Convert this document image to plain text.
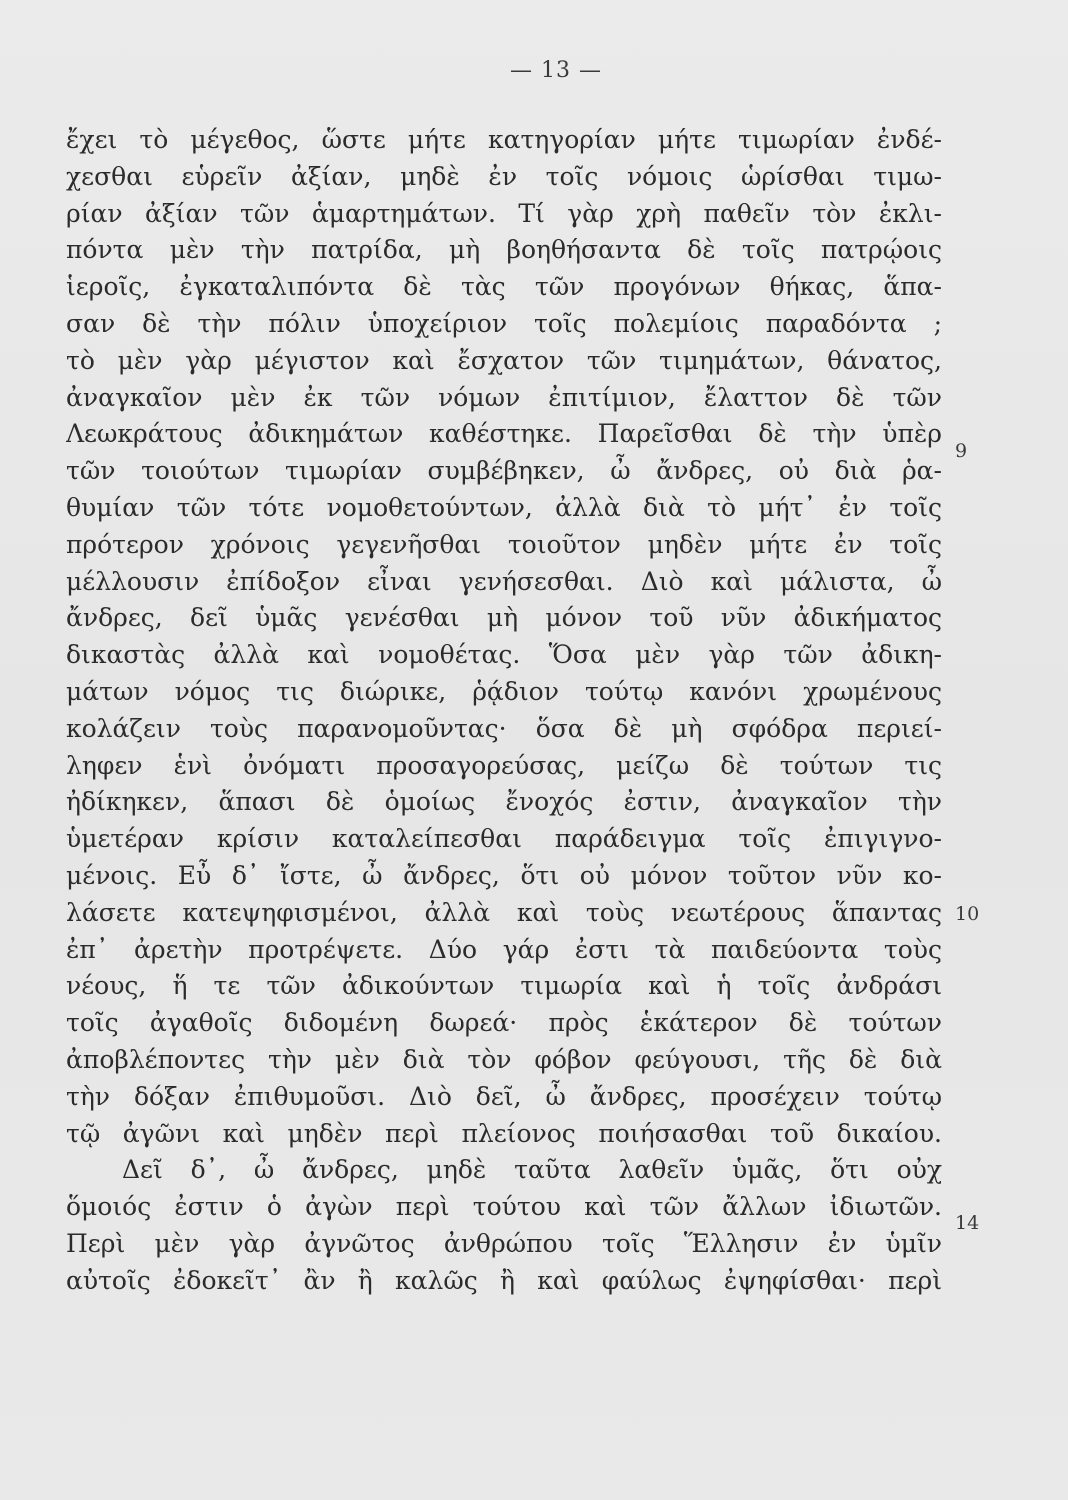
— 13 —
ἔχει τὸ μέγεθος, ὥστε μήτε κατηγορίαν μήτε τιμωρίαν ἐνδέ-
χεσθαι εὑρεῖν ἀξίαν, μηδὲ ἐν τοῖς νόμοις ὡρίσθαι τιμω-
ρίαν ἀξίαν τῶν ἁμαρτημάτων. Τί γὰρ χρὴ παθεῖν τὸν ἐκλι-
πόντα μὲν τὴν πατρίδα, μὴ βοηθήσαντα δὲ τοῖς πατρῴοις
ἱεροῖς, ἐγκαταλιπόντα δὲ τὰς τῶν προγόνων θήκας, ἅπα-
σαν δὲ τὴν πόλιν ὑποχείριον τοῖς πολεμίοις παραδόντα ;
τὸ μὲν γὰρ μέγιστον καὶ ἔσχατον τῶν τιμημάτων, θάνατος,
ἀναγκαῖον μὲν ἐκ τῶν νόμων ἐπιτίμιον, ἔλαττον δὲ τῶν
Λεωκράτους ἀδικημάτων καθέστηκε. Παρεῖσθαι δὲ τὴν ὑπὲρ
τῶν τοιούτων τιμωρίαν συμβέβηκεν, ὦ ἄνδρες, οὐ διὰ ῥα-
θυμίαν τῶν τότε νομοθετούντων, ἀλλὰ διὰ τὸ μήτ᾽ ἐν τοῖς
πρότερον χρόνοις γεγενῆσθαι τοιοῦτον μηδὲν μήτε ἐν τοῖς
μέλλουσιν ἐπίδοξον εἶναι γενήσεσθαι. Διὸ καὶ μάλιστα, ὦ
ἄνδρες, δεῖ ὑμᾶς γενέσθαι μὴ μόνον τοῦ νῦν ἀδικήματος
δικαστὰς ἀλλὰ καὶ νομοθέτας. Ὅσα μὲν γὰρ τῶν ἀδικη-
μάτων νόμος τις διώρικε, ῥᾴδιον τούτῳ κανόνι χρωμένους
κολάζειν τοὺς παρανομοῦντας· ὅσα δὲ μὴ σφόδρα περιεί-
ληφεν ἑνὶ ὀνόματι προσαγορεύσας, μείζω δὲ τούτων τις
ἠδίκηκεν, ἅπασι δὲ ὁμοίως ἔνοχός ἐστιν, ἀναγκαῖον τὴν
ὑμετέραν κρίσιν καταλείπεσθαι παράδειγμα τοῖς ἐπιγιγνο-
μένοις. Εὖ δ᾽ ἴστε, ὦ ἄνδρες, ὅτι οὐ μόνον τοῦτον νῦν κο-
λάσετε κατεψηφισμένοι, ἀλλὰ καὶ τοὺς νεωτέρους ἅπαντας
ἐπ᾽ ἀρετὴν προτρέψετε. Δύο γάρ ἐστι τὰ παιδεύοντα τοὺς
νέους, ἥ τε τῶν ἀδικούντων τιμωρία καὶ ἡ τοῖς ἀνδράσι
τοῖς ἀγαθοῖς διδομένη δωρεά· πρὸς ἑκάτερον δὲ τούτων
ἀποβλέποντες τὴν μὲν διὰ τὸν φόβον φεύγουσι, τῆς δὲ διὰ
τὴν δόξαν ἐπιθυμοῦσι. Διὸ δεῖ, ὦ ἄνδρες, προσέχειν τούτῳ
τῷ ἀγῶνι καὶ μηδὲν περὶ πλείονος ποιήσασθαι τοῦ δικαίου.
Δεῖ δ᾽, ὦ ἄνδρες, μηδὲ ταῦτα λαθεῖν ὑμᾶς, ὅτι οὐχ
ὅμοιός ἐστιν ὁ ἀγὼν περὶ τούτου καὶ τῶν ἄλλων ἰδιωτῶν.
Περὶ μὲν γὰρ ἀγνῶτος ἀνθρώπου τοῖς Ἕλλησιν ἐν ὑμῖν
αὐτοῖς ἐδοκεῖτ᾽ ἂν ἢ καλῶς ἢ καὶ φαύλως ἐψηφίσθαι· περὶ
9
10
14
